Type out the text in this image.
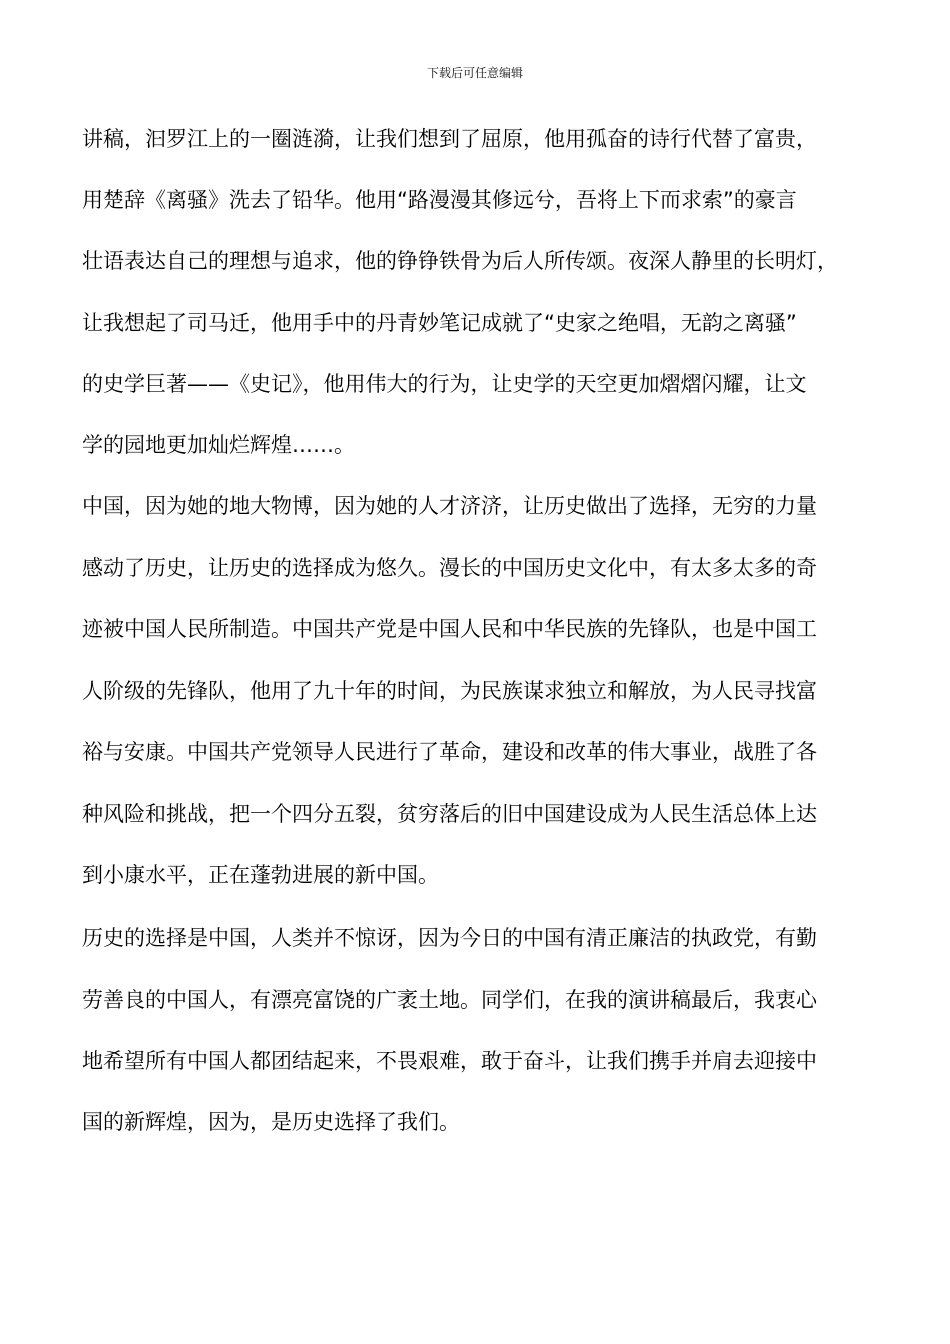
下载后可任意编辑
讲稿，汩罗江上的一圈涟漪，让我们想到了屈原，他用孤奋的诗行代替了富贵，
用楚辞《离骚》洗去了铅华。他用“路漫漫其修远兮，吾将上下而求索”的豪言
壮语表达自己的理想与追求，他的铮铮铁骨为后人所传颂。夜深人静里的长明灯，
让我想起了司马迁，他用手中的丹青妙笔记成就了“史家之绝唱，无韵之离骚”
的史学巨著——《史记》，他用伟大的行为，让史学的天空更加熠熠闪耀，让文
学的园地更加灿烂辉煌……。
中国，因为她的地大物博，因为她的人才济济，让历史做出了选择，无穷的力量
感动了历史，让历史的选择成为悠久。漫长的中国历史文化中，有太多太多的奇
迹被中国人民所制造。中国共产党是中国人民和中华民族的先锋队，也是中国工
人阶级的先锋队，他用了九十年的时间，为民族谋求独立和解放，为人民寻找富
裕与安康。中国共产党领导人民进行了革命，建设和改革的伟大事业，战胜了各
种风险和挑战，把一个四分五裂，贫穷落后的旧中国建设成为人民生活总体上达
到小康水平，正在蓬勃进展的新中国。
历史的选择是中国，人类并不惊讶，因为今日的中国有清正廉洁的执政党，有勤
劳善良的中国人，有漂亮富饶的广袤土地。同学们，在我的演讲稿最后，我衷心
地希望所有中国人都团结起来，不畏艰难，敢于奋斗，让我们携手并肩去迎接中
国的新辉煌，因为，是历史选择了我们。
